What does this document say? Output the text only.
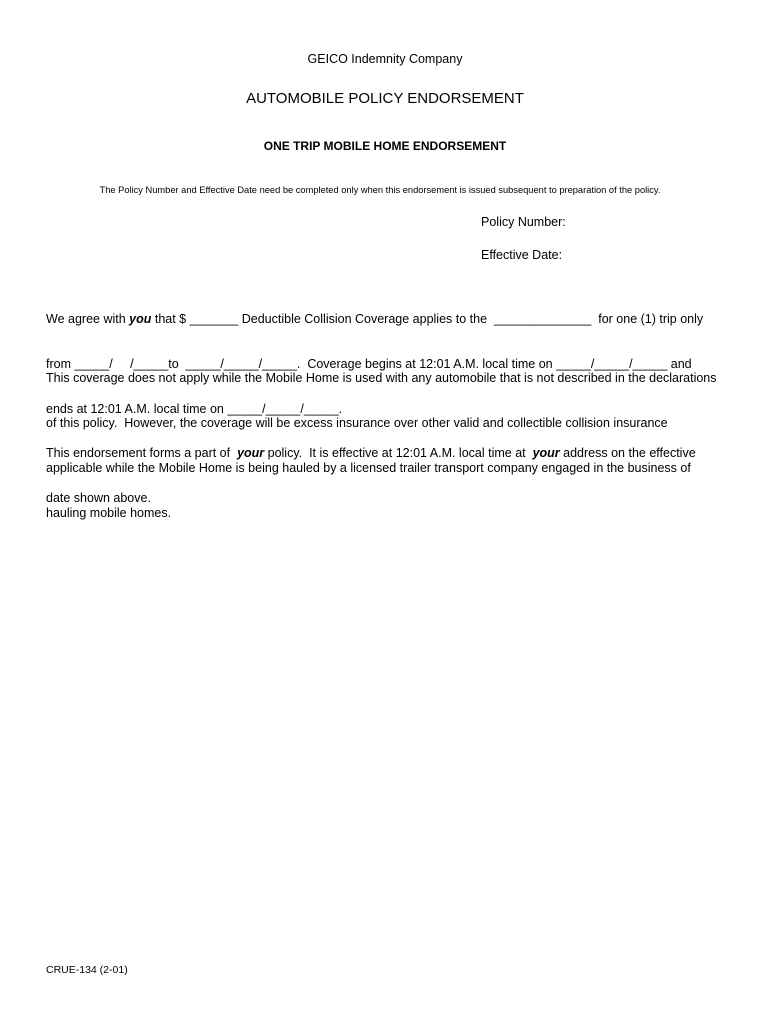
GEICO Indemnity Company
AUTOMOBILE POLICY ENDORSEMENT
ONE TRIP MOBILE HOME ENDORSEMENT
The Policy Number and Effective Date need be completed only when this endorsement is issued subsequent to preparation of the policy.
Policy Number:
Effective Date:

We agree with you that $ _______ Deductible Collision Coverage applies to the  ______________  for one (1) trip only

from _____/     /_____to  _____/_____/_____.  Coverage begins at 12:01 A.M. local time on _____/_____/_____ and

ends at 12:01 A.M. local time on _____/_____/_____.

This coverage does not apply while the Mobile Home is used with any automobile that is not described in the declarations

of this policy.  However, the coverage will be excess insurance over other valid and collectible collision insurance

applicable while the Mobile Home is being hauled by a licensed trailer transport company engaged in the business of

hauling mobile homes.

This endorsement forms a part of  your policy.  It is effective at 12:01 A.M. local time at  your address on the effective

date shown above.

CRUE-134 (2-01)
